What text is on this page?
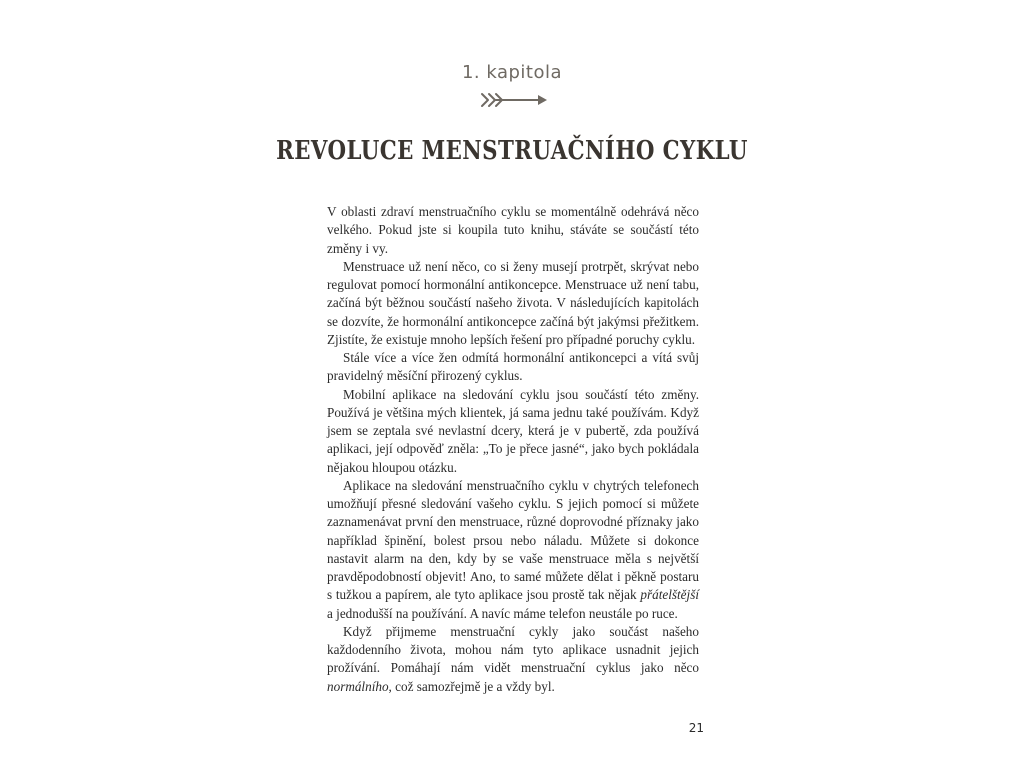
1. kapitola
REVOLUCE MENSTRUAČNÍHO CYKLU

V oblasti zdraví menstruačního cyklu se momentálně odehrává něco velkého. Pokud jste si koupila tuto knihu, stáváte se součástí této změny i vy.

Menstruace už není něco, co si ženy musejí protrpět, skrývat nebo regulovat pomocí hormonální antikoncepce. Menstruace už není tabu, začíná být běžnou součástí našeho života. V následujících kapitolách se dozvíte, že hormonální antikoncepce začíná být jakýmsi přežitkem. Zjistíte, že existuje mnoho lepších řešení pro případné poruchy cyklu.

Stále více a více žen odmítá hormonální antikoncepci a vítá svůj pravidelný měsíční přirozený cyklus.

Mobilní aplikace na sledování cyklu jsou součástí této změny. Používá je většina mých klientek, já sama jednu také používám. Když jsem se zeptala své nevlastní dcery, která je v pubertě, zda používá aplikaci, její odpověď zněla: „To je přece jasné“, jako bych pokládala nějakou hloupou otázku.

Aplikace na sledování menstruačního cyklu v chytrých telefonech umožňují přesné sledování vašeho cyklu. S jejich pomocí si můžete zaznamenávat první den menstruace, různé doprovodné příznaky jako například špinění, bolest prsou nebo náladu. Můžete si dokonce nastavit alarm na den, kdy by se vaše menstruace měla s největší pravděpodobností objevit! Ano, to samé můžete dělat i pěkně postaru s tužkou a papírem, ale tyto aplikace jsou prostě tak nějak přátelštější a jednodušší na používání. A navíc máme telefon neustále po ruce.

Když přijmeme menstruační cykly jako součást našeho každodenního života, mohou nám tyto aplikace usnadnit jejich prožívání. Pomáhají nám vidět menstruační cyklus jako něco normálního, což samozřejmě je a vždy byl.

21
